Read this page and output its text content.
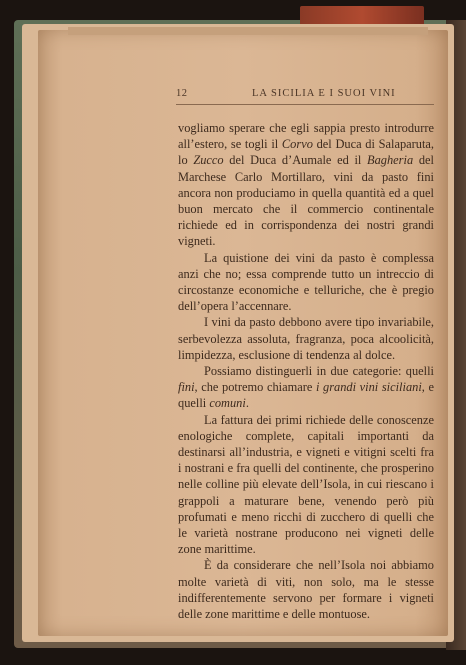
12	LA SICILIA E I SUOI VINI

vogliamo sperare che egli sappia presto introdurre all’estero, se togli il Corvo del Duca di Salaparuta, lo Zucco del Duca d’Aumale ed il Bagheria del Marchese Carlo Mortillaro, vini da pasto fini ancora non produciamo in quella quantità ed a quel buon mercato che il commercio continentale richiede ed in corrispondenza dei nostri grandi vigneti.

La quistione dei vini da pasto è complessa anzi che no; essa comprende tutto un intreccio di circostanze economiche e telluriche, che è pregio dell’opera l’accennare.

I vini da pasto debbono avere tipo invariabile, serbevolezza assoluta, fragranza, poca alcoolicità, limpidezza, esclusione di tendenza al dolce.

Possiamo distinguerli in due categorie: quelli fini, che potremo chiamare i grandi vini siciliani, e quelli comuni.

La fattura dei primi richiede delle conoscenze enologiche complete, capitali importanti da destinarsi all’industria, e vigneti e vitigni scelti fra i nostrani e fra quelli del continente, che prosperino nelle colline più elevate dell’Isola, in cui riescano i grappoli a maturare bene, venendo però più profumati e meno ricchi di zucchero di quelli che le varietà nostrane producono nei vigneti delle zone marittime.

È da considerare che nell’Isola noi abbiamo molte varietà di viti, non solo, ma le stesse indifferentemente servono per formare i vigneti delle zone marittime e delle montuose.
